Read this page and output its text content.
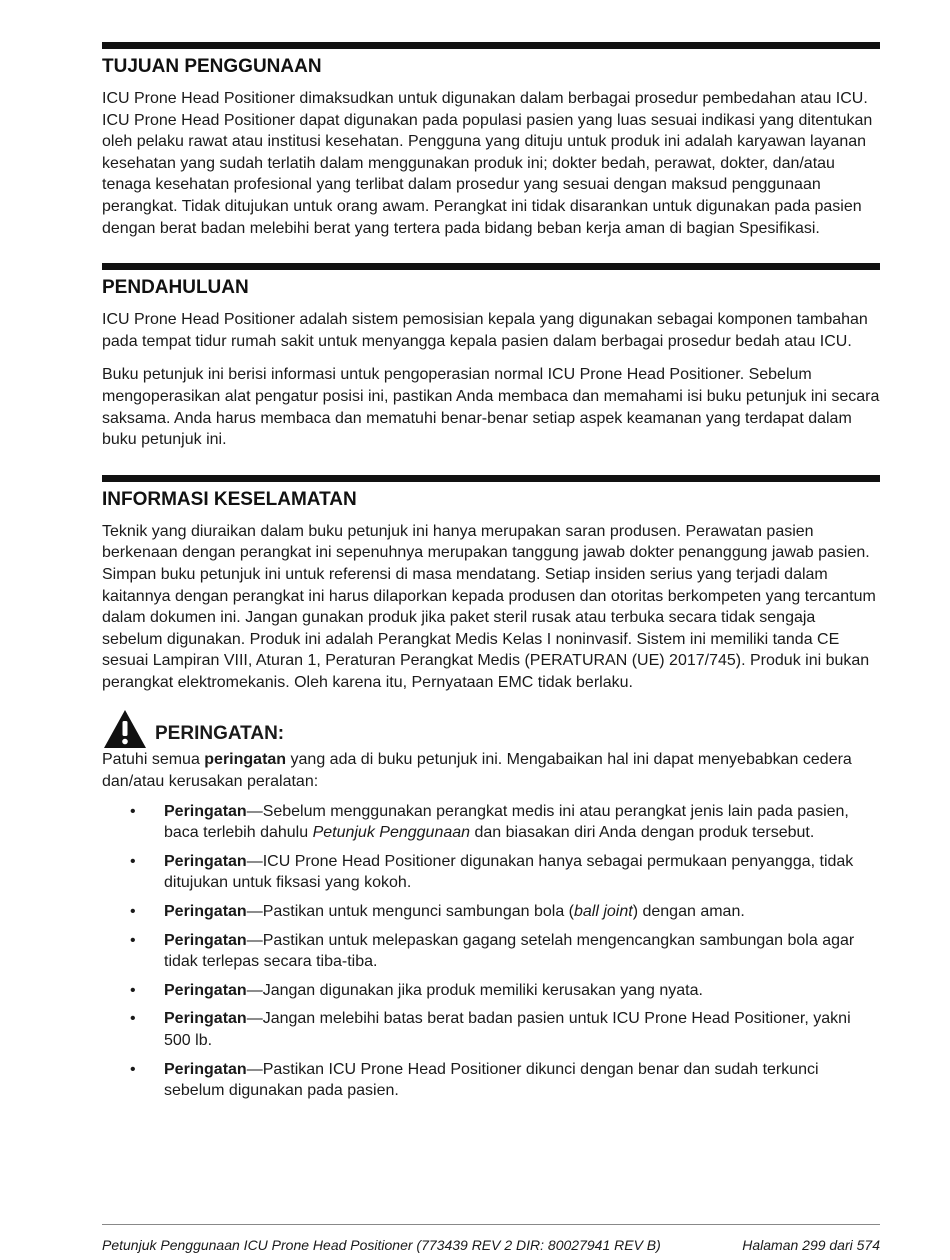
TUJUAN PENGGUNAAN

ICU Prone Head Positioner dimaksudkan untuk digunakan dalam berbagai prosedur pembedahan atau ICU. ICU Prone Head Positioner dapat digunakan pada populasi pasien yang luas sesuai indikasi yang ditentukan oleh pelaku rawat atau institusi kesehatan. Pengguna yang dituju untuk produk ini adalah karyawan layanan kesehatan yang sudah terlatih dalam menggunakan produk ini; dokter bedah, perawat, dokter, dan/atau tenaga kesehatan profesional yang terlibat dalam prosedur yang sesuai dengan maksud penggunaan perangkat. Tidak ditujukan untuk orang awam. Perangkat ini tidak disarankan untuk digunakan pada pasien dengan berat badan melebihi berat yang tertera pada bidang beban kerja aman di bagian Spesifikasi.

PENDAHULUAN

ICU Prone Head Positioner adalah sistem pemosisian kepala yang digunakan sebagai komponen tambahan pada tempat tidur rumah sakit untuk menyangga kepala pasien dalam berbagai prosedur bedah atau ICU.

Buku petunjuk ini berisi informasi untuk pengoperasian normal ICU Prone Head Positioner. Sebelum mengoperasikan alat pengatur posisi ini, pastikan Anda membaca dan memahami isi buku petunjuk ini secara saksama. Anda harus membaca dan mematuhi benar-benar setiap aspek keamanan yang terdapat dalam buku petunjuk ini.

INFORMASI KESELAMATAN

Teknik yang diuraikan dalam buku petunjuk ini hanya merupakan saran produsen. Perawatan pasien berkenaan dengan perangkat ini sepenuhnya merupakan tanggung jawab dokter penanggung jawab pasien. Simpan buku petunjuk ini untuk referensi di masa mendatang. Setiap insiden serius yang terjadi dalam kaitannya dengan perangkat ini harus dilaporkan kepada produsen dan otoritas berkompeten yang tercantum dalam dokumen ini. Jangan gunakan produk jika paket steril rusak atau terbuka secara tidak sengaja sebelum digunakan. Produk ini adalah Perangkat Medis Kelas I noninvasif. Sistem ini memiliki tanda CE sesuai Lampiran VIII, Aturan 1, Peraturan Perangkat Medis (PERATURAN (UE) 2017/745). Produk ini bukan perangkat elektromekanis. Oleh karena itu, Pernyataan EMC tidak berlaku.

PERINGATAN:

Patuhi semua peringatan yang ada di buku petunjuk ini. Mengabaikan hal ini dapat menyebabkan cedera dan/atau kerusakan peralatan:

• Peringatan—Sebelum menggunakan perangkat medis ini atau perangkat jenis lain pada pasien, baca terlebih dahulu Petunjuk Penggunaan dan biasakan diri Anda dengan produk tersebut.
• Peringatan—ICU Prone Head Positioner digunakan hanya sebagai permukaan penyangga, tidak ditujukan untuk fiksasi yang kokoh.
• Peringatan—Pastikan untuk mengunci sambungan bola (ball joint) dengan aman.
• Peringatan—Pastikan untuk melepaskan gagang setelah mengencangkan sambungan bola agar tidak terlepas secara tiba-tiba.
• Peringatan—Jangan digunakan jika produk memiliki kerusakan yang nyata.
• Peringatan—Jangan melebihi batas berat badan pasien untuk ICU Prone Head Positioner, yakni 500 lb.
• Peringatan—Pastikan ICU Prone Head Positioner dikunci dengan benar dan sudah terkunci sebelum digunakan pada pasien.
Petunjuk Penggunaan ICU Prone Head Positioner (773439 REV 2 DIR: 80027941 REV B)	Halaman 299 dari 574
